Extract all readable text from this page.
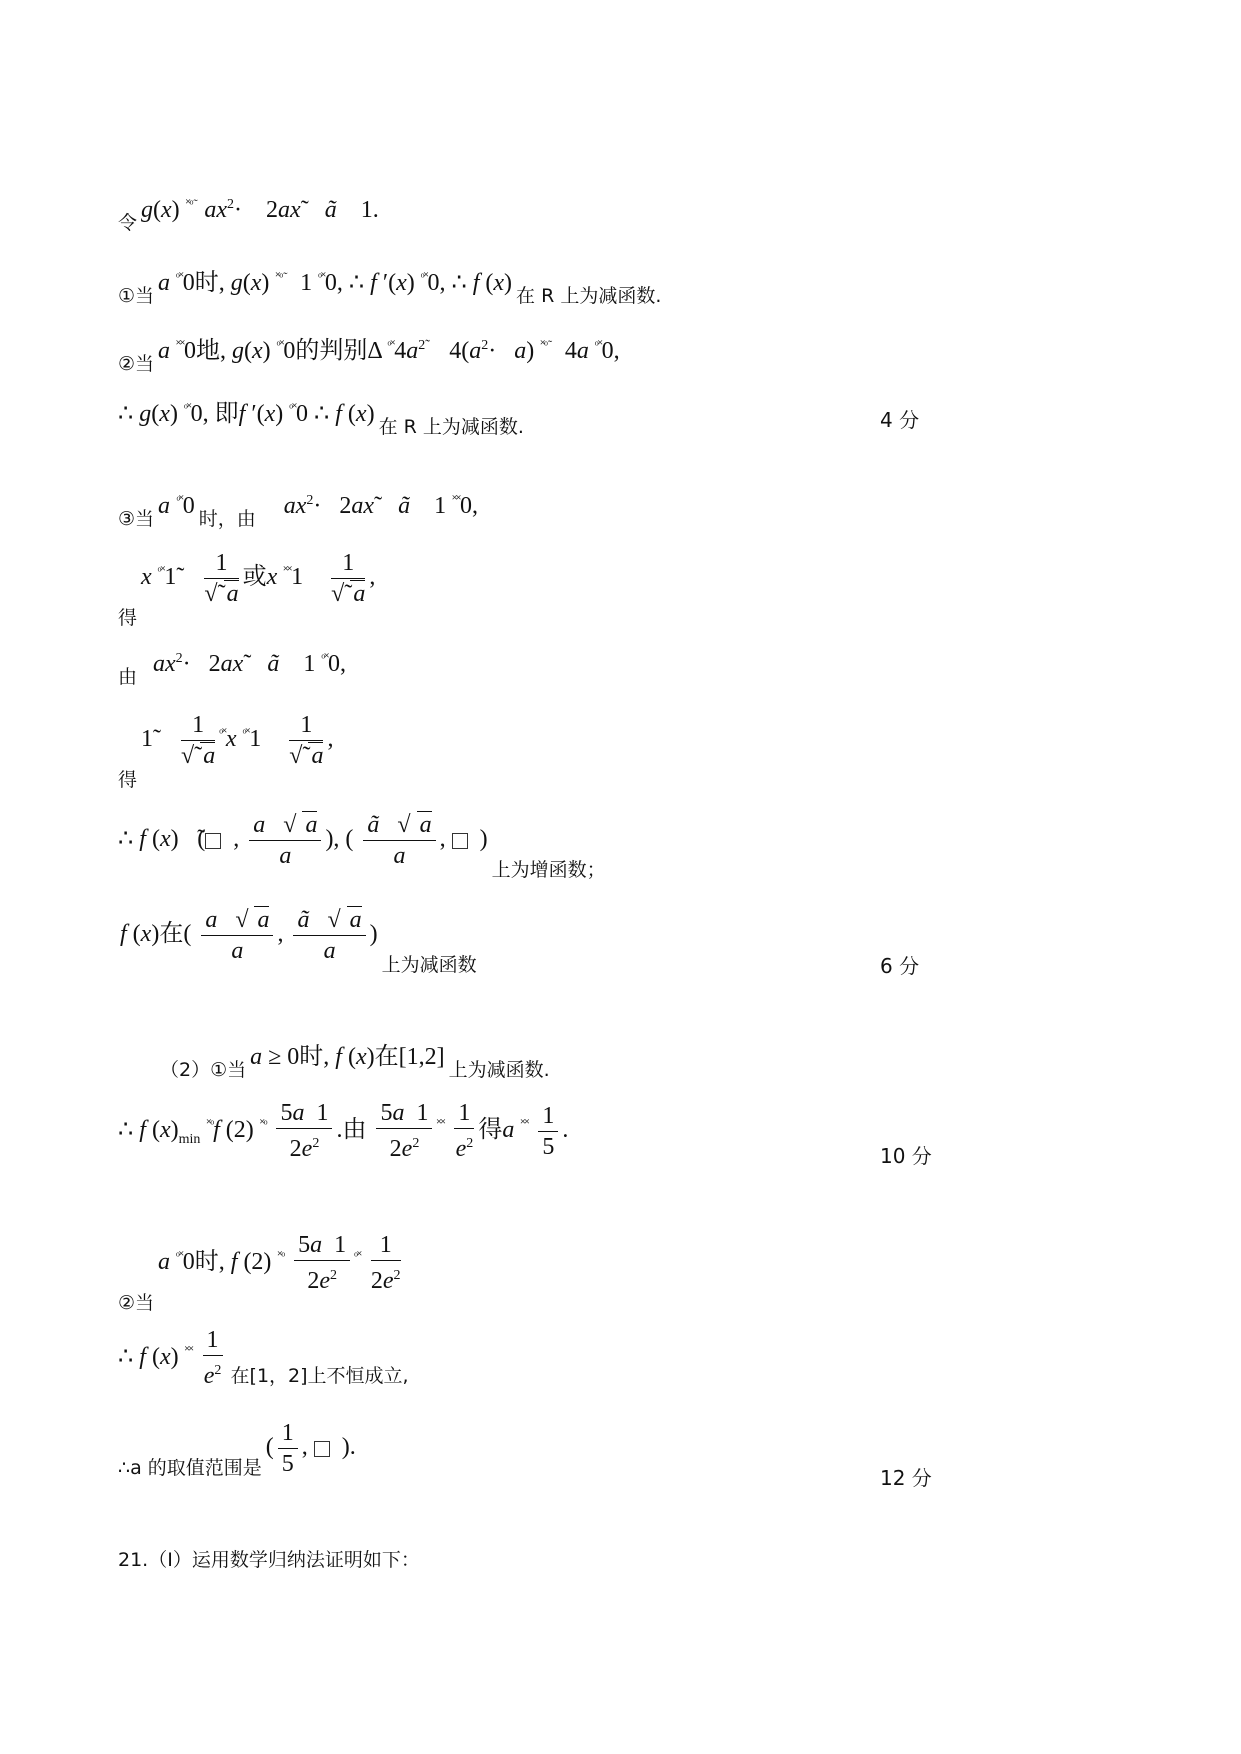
令 g(x) $^{˟ᵒ̃}$ $ax^2\cdot$    2ax̃    ã    1.
①当 a $^{ᵒ˟}$0时, g(x) $^{˟ᵒ̃}$   1 $^{ᵒ˟}$0, ∴ f ′(x) $^{ᵒ˟}$0, ∴ f (x) 在 R 上为减函数.
②当 a ˟˟0地, g(x) $^{ᵒ˟}$0的判别Δ $^{ᵒ˟}4a^{2̃}$    $4(a^2\cdot a)$ $^{˟ᵒ̃}$   4a $^{ᵒ˟}$0,
∴ g(x) $^{ᵒ˟}$0, 即f ′(x) $^{ᵒ˟}$0 ∴ f (x) 在 R 上为减函数.	4 分
③当 a $^{ᵒ˟}$0 时，由 $ax^2\cdot$   2ax̃    ã    1 ˟˟0,
得 x $^{ᵒ˟}$1̃ $\frac{1}{√̃ a}$ 或x $^{˟˟}1 \frac{1}{√̃ a}$ ,
由 $ax^2\cdot$   2ax̃    ã    1 $^{ᵒ˟}$0,
得 1̃ $\frac{1}{√̃ a} ^{ᵒ˟}x$ $^{ᵒ˟}1 \frac{1}{√̃ a}$ ,
∴ f (x)在̃(  , $\frac{a √ a}{a}$ ), ( $\frac{ã √ a}{a}$ ,   ) 上为增函数；
f (x)在( $\frac{a √ a}{a}$ , $\frac{ã √ a}{a}$ ) 上为减函数	6 分
（2）①当 a ≥ 0时, f (x)在[1,2] 上为减函数.
∴ f $(x)_{min}$ $^{˟ᵒ}$f (2) $^{˟ᵒ} \frac{5a 1}{2e^2}$ .由 $\frac{5a 1}{2e^2} ^{˟˟} \frac{1}{e^2}$ 得a $^{˟˟} \frac{1}{5}$ .
10 分
②当 a $^{ᵒ˟}$0时, f (2) $^{˟ᵒ} \frac{5a 1}{2e^2} ^{ᵒ˟} \frac{1}{2e^2}$
∴ f (x) $^{˟˟} \frac{1}{e^2}$ 在[1，2]上不恒成立,
∴a 的取值范围是 ( $\frac{1}{5}$ ,   ).
12 分
21.（I）运用数学归纳法证明如下：
